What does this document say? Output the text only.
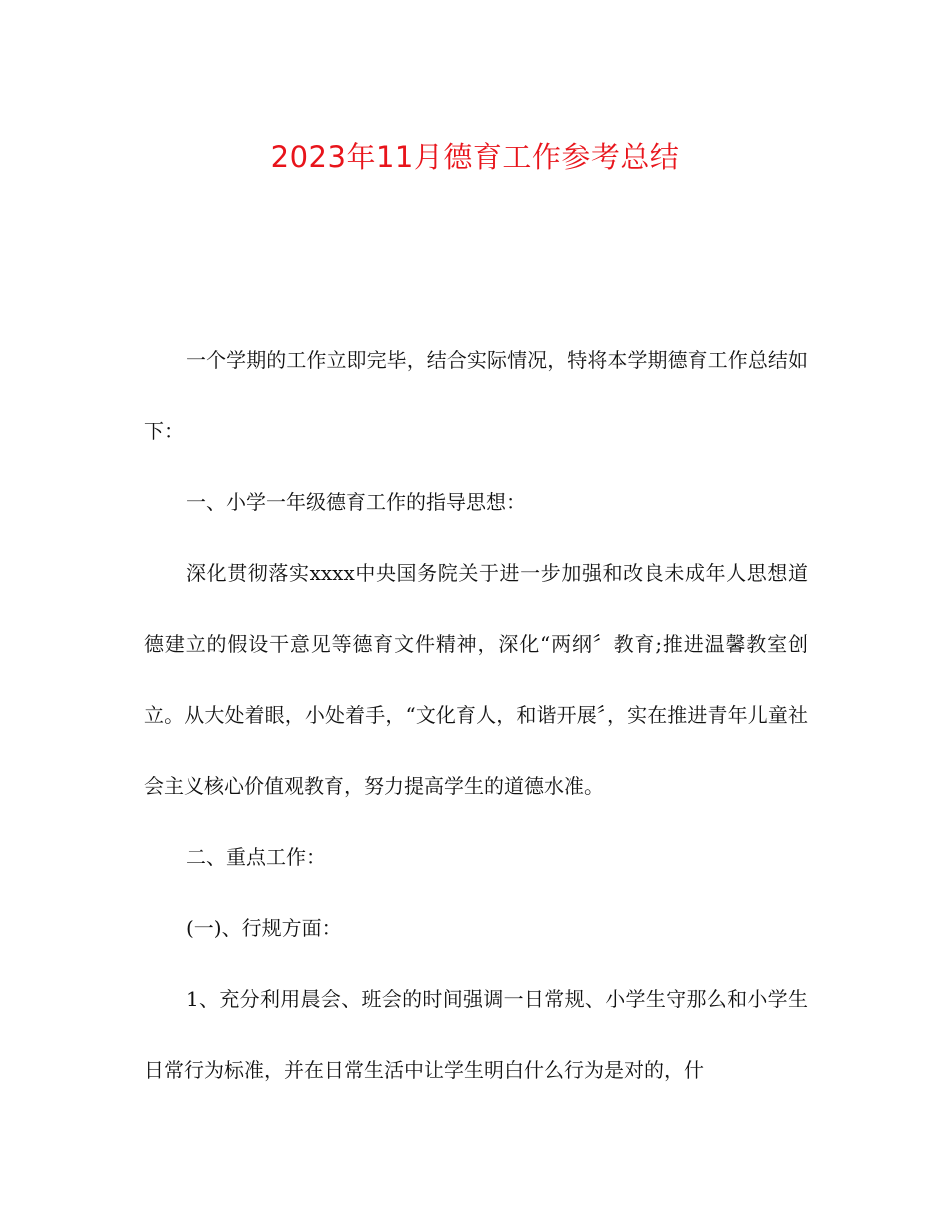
2023年11月德育工作参考总结

一个学期的工作立即完毕，结合实际情况，特将本学期德育工作总结如下：

一、小学一年级德育工作的指导思想：

深化贯彻落实xxxx中央国务院关于进一步加强和改良未成年人思想道德建立的假设干意见等德育文件精神，深化“两纲〞教育;推进温馨教室创立。从大处着眼，小处着手，“文化育人，和谐开展〞，实在推进青年儿童社会主义核心价值观教育，努力提高学生的道德水准。

二、重点工作：

(一)、行规方面：

1、充分利用晨会、班会的时间强调一日常规、小学生守那么和小学生日常行为标准，并在日常生活中让学生明白什么行为是对的，什
